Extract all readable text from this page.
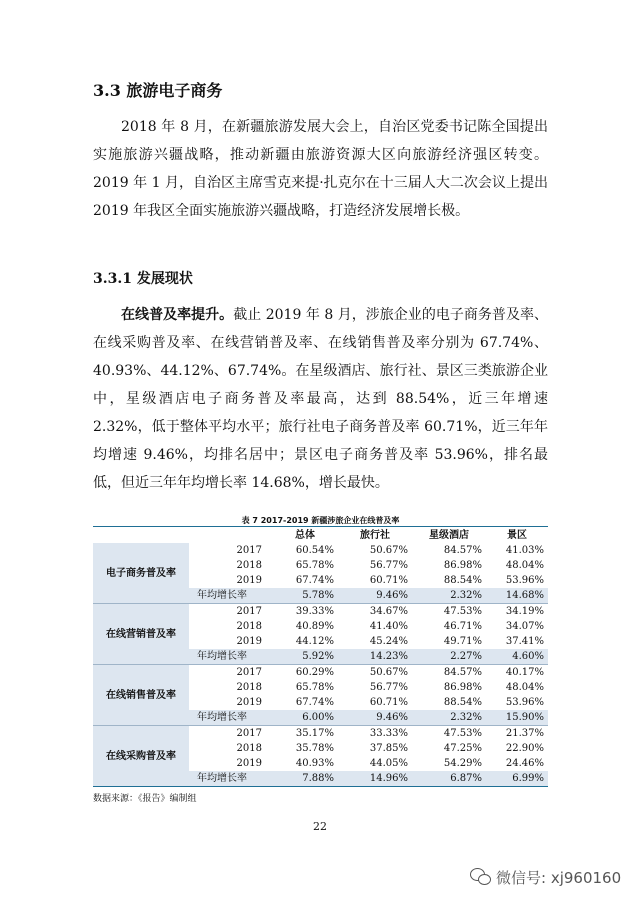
3.3 旅游电子商务

2018 年 8 月，在新疆旅游发展大会上，自治区党委书记陈全国提出实施旅游兴疆战略，推动新疆由旅游资源大区向旅游经济强区转变。2019 年 1 月，自治区主席雪克来提·扎克尔在十三届人大二次会议上提出 2019 年我区全面实施旅游兴疆战略，打造经济发展增长极。

3.3.1 发展现状

在线普及率提升。截止 2019 年 8 月，涉旅企业的电子商务普及率、在线采购普及率、在线营销普及率、在线销售普及率分别为 67.74%、40.93%、44.12%、67.74%。在星级酒店、旅行社、景区三类旅游企业中，星级酒店电子商务普及率最高，达到 88.54%，近三年增速 2.32%，低于整体平均水平；旅行社电子商务普及率 60.71%，近三年年均增速 9.46%，均排名居中；景区电子商务普及率 53.96%，排名最低，但近三年年均增长率 14.68%，增长最快。

表 7 2017-2019 新疆涉旅企业在线普及率
		总体	旅行社	星级酒店	景区
电子商务普及率	2017	60.54%	50.67%	84.57%	41.03%
	2018	65.78%	56.77%	86.98%	48.04%
	2019	67.74%	60.71%	88.54%	53.96%
	年均增长率	5.78%	9.46%	2.32%	14.68%
在线营销普及率	2017	39.33%	34.67%	47.53%	34.19%
	2018	40.89%	41.40%	46.71%	34.07%
	2019	44.12%	45.24%	49.71%	37.41%
	年均增长率	5.92%	14.23%	2.27%	4.60%
在线销售普及率	2017	60.29%	50.67%	84.57%	40.17%
	2018	65.78%	56.77%	86.98%	48.04%
	2019	67.74%	60.71%	88.54%	53.96%
	年均增长率	6.00%	9.46%	2.32%	15.90%
在线采购普及率	2017	35.17%	33.33%	47.53%	21.37%
	2018	35.78%	37.85%	47.25%	22.90%
	2019	40.93%	44.05%	54.29%	24.46%
	年均增长率	7.88%	14.96%	6.87%	6.99%
数据来源：《报告》编制组
22
微信号: xj960160
